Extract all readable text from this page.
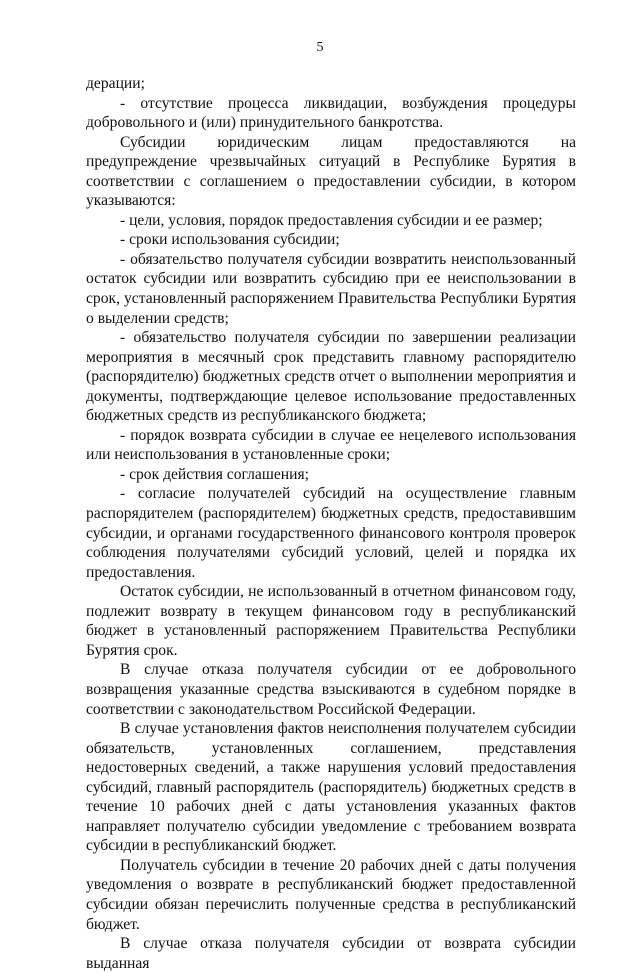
5

дерации;

- отсутствие процесса ликвидации, возбуждения процедуры добровольного и (или) принудительного банкротства.

Субсидии юридическим лицам предоставляются на предупреждение чрезвычайных ситуаций в Республике Бурятия в соответствии с соглашением о предоставлении субсидии, в котором указываются:

- цели, условия, порядок предоставления субсидии и ее размер;

- сроки использования субсидии;

- обязательство получателя субсидии возвратить неиспользованный остаток субсидии или возвратить субсидию при ее неиспользовании в срок, установленный распоряжением Правительства Республики Бурятия о выделении средств;

- обязательство получателя субсидии по завершении реализации мероприятия в месячный срок представить главному распорядителю (распорядителю) бюджетных средств отчет о выполнении мероприятия и документы, подтверждающие целевое использование предоставленных бюджетных средств из республиканского бюджета;

- порядок возврата субсидии в случае ее нецелевого использования или неиспользования в установленные сроки;

- срок действия соглашения;

- согласие получателей субсидий на осуществление главным распорядителем (распорядителем) бюджетных средств, предоставившим субсидии, и органами государственного финансового контроля проверок соблюдения получателями субсидий условий, целей и порядка их предоставления.

Остаток субсидии, не использованный в отчетном финансовом году, подлежит возврату в текущем финансовом году в республиканский бюджет в установленный распоряжением Правительства Республики Бурятия срок.

В случае отказа получателя субсидии от ее добровольного возвращения указанные средства взыскиваются в судебном порядке в соответствии с законодательством Российской Федерации.

В случае установления фактов неисполнения получателем субсидии обязательств, установленных соглашением, представления недостоверных сведений, а также нарушения условий предоставления субсидий, главный распорядитель (распорядитель) бюджетных средств в течение 10 рабочих дней с даты установления указанных фактов направляет получателю субсидии уведомление с требованием возврата субсидии в республиканский бюджет.

Получатель субсидии в течение 20 рабочих дней с даты получения уведомления о возврате в республиканский бюджет предоставленной субсидии обязан перечислить полученные средства в республиканский бюджет.

В случае отказа получателя субсидии от возврата субсидии выданная
